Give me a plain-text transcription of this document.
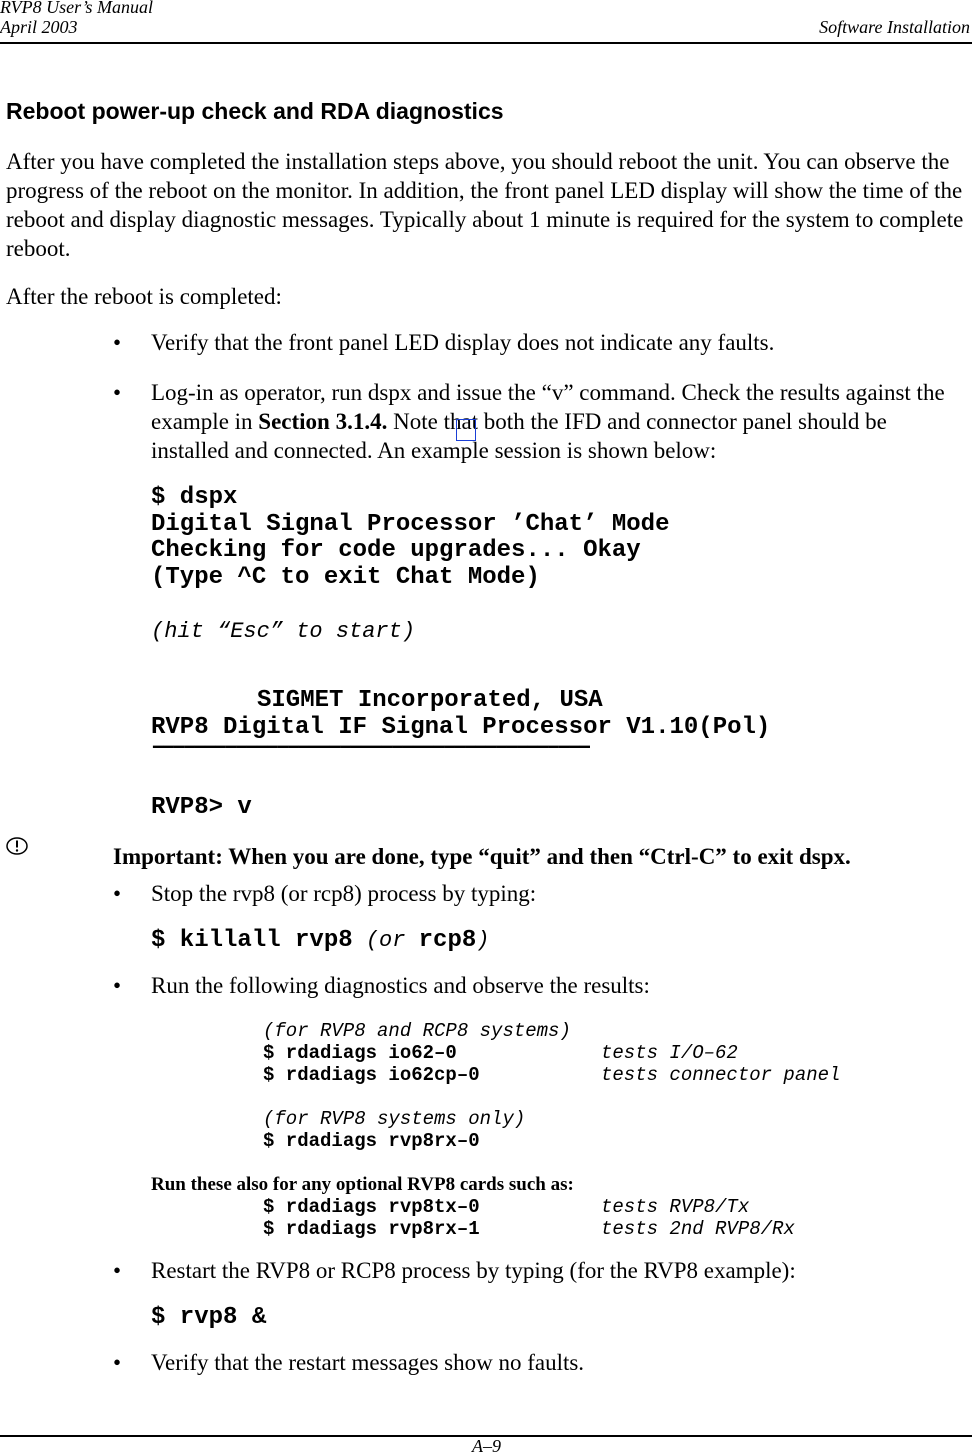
RVP8 User’s Manual
April 2003	Software Installation
Reboot power-up check and RDA diagnostics
After you have completed the installation steps above, you should reboot the unit. You can observe the progress of the reboot on the monitor. In addition, the front panel LED display will show the time of the reboot and display diagnostic messages. Typically about 1 minute is required for the system to complete reboot.
After the reboot is completed:
• Verify that the front panel LED display does not indicate any faults.
• Log-in as operator, run dspx and issue the “v” command. Check the results against the example in Section 3.1.4. Note that both the IFD and connector panel should be installed and connected. An example session is shown below:
$ dspx
Digital Signal Processor ’Chat’ Mode
Checking for code upgrades... Okay
(Type ^C to exit Chat Mode)
(hit “Esc” to start)
SIGMET Incorporated, USA
RVP8 Digital IF Signal Processor V1.10(Pol)
––––––––––––––––––––––––––––––––––––––––––
RVP8> v
Important: When you are done, type “quit” and then “Ctrl-C” to exit dspx.
• Stop the rvp8 (or rcp8) process by typing:
$ killall rvp8 (or rcp8)
• Run the following diagnostics and observe the results:
(for RVP8 and RCP8 systems)
$ rdadiags io62–0	tests I/O–62
$ rdadiags io62cp–0	tests connector panel
(for RVP8 systems only)
$ rdadiags rvp8rx–0
Run these also for any optional RVP8 cards such as:
$ rdadiags rvp8tx–0	tests RVP8/Tx
$ rdadiags rvp8rx–1	tests 2nd RVP8/Rx
• Restart the RVP8 or RCP8 process by typing (for the RVP8 example):
$ rvp8 &
• Verify that the restart messages show no faults.
A–9
